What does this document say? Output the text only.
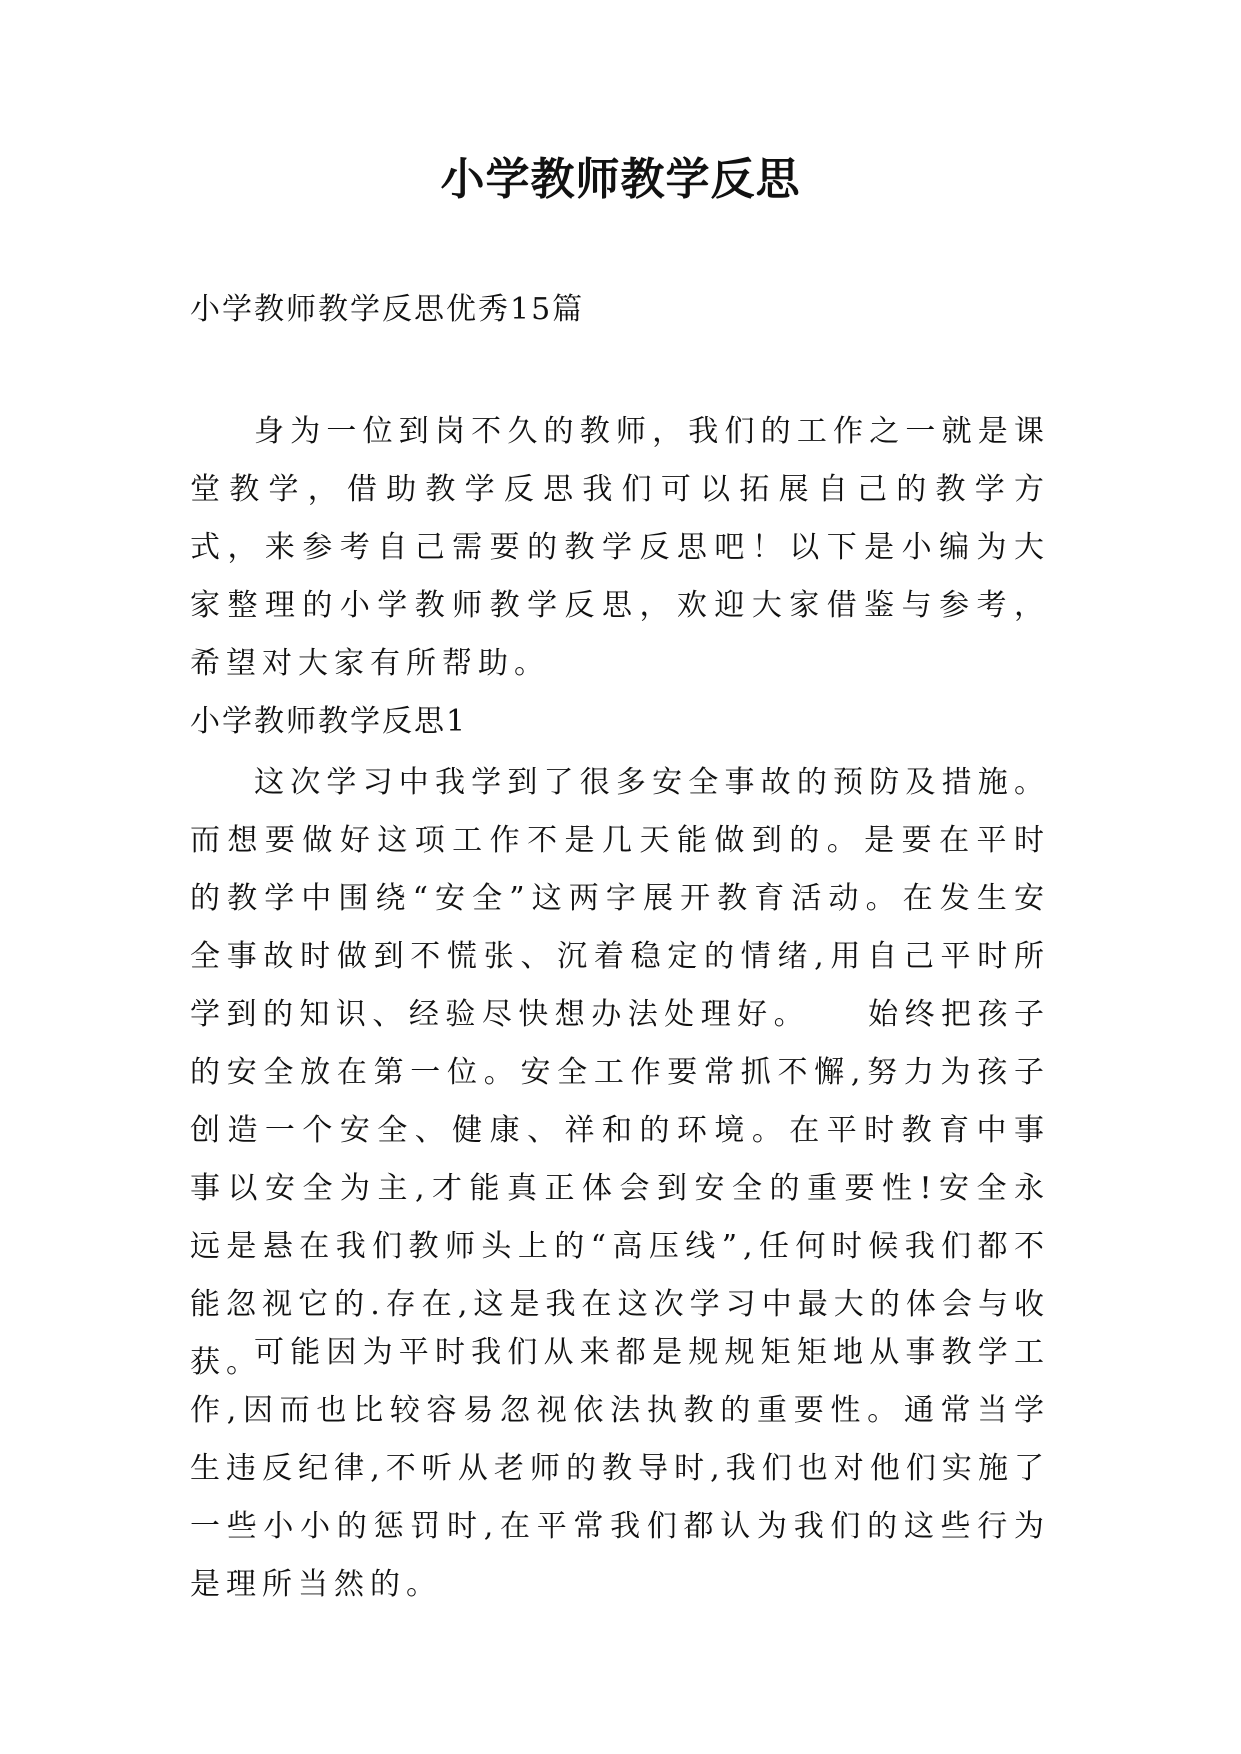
小学教师教学反思
小学教师教学反思优秀15篇
身为一位到岗不久的教师，我们的工作之一就是课堂教学，借助教学反思我们可以拓展自己的教学方式，来参考自己需要的教学反思吧！以下是小编为大家整理的小学教师教学反思，欢迎大家借鉴与参考，希望对大家有所帮助。
小学教师教学反思1
这次学习中我学到了很多安全事故的预防及措施。而想要做好这项工作不是几天能做到的。是要在平时的教学中围绕“安全”这两字展开教育活动。在发生安全事故时做到不慌张、沉着稳定的情绪,用自己平时所学到的知识、经验尽快想办法处理好。　　始终把孩子的安全放在第一位。安全工作要常抓不懈,努力为孩子创造一个安全、健康、祥和的环境。在平时教育中事事以安全为主,才能真正体会到安全的重要性!安全永远是悬在我们教师头上的“高压线”,任何时候我们都不能忽视它的.存在,这是我在这次学习中最大的体会与收获。
可能因为平时我们从来都是规规矩矩地从事教学工作,因而也比较容易忽视依法执教的重要性。通常当学生违反纪律,不听从老师的教导时,我们也对他们实施了一些小小的惩罚时,在平常我们都认为我们的这些行为是理所当然的。
